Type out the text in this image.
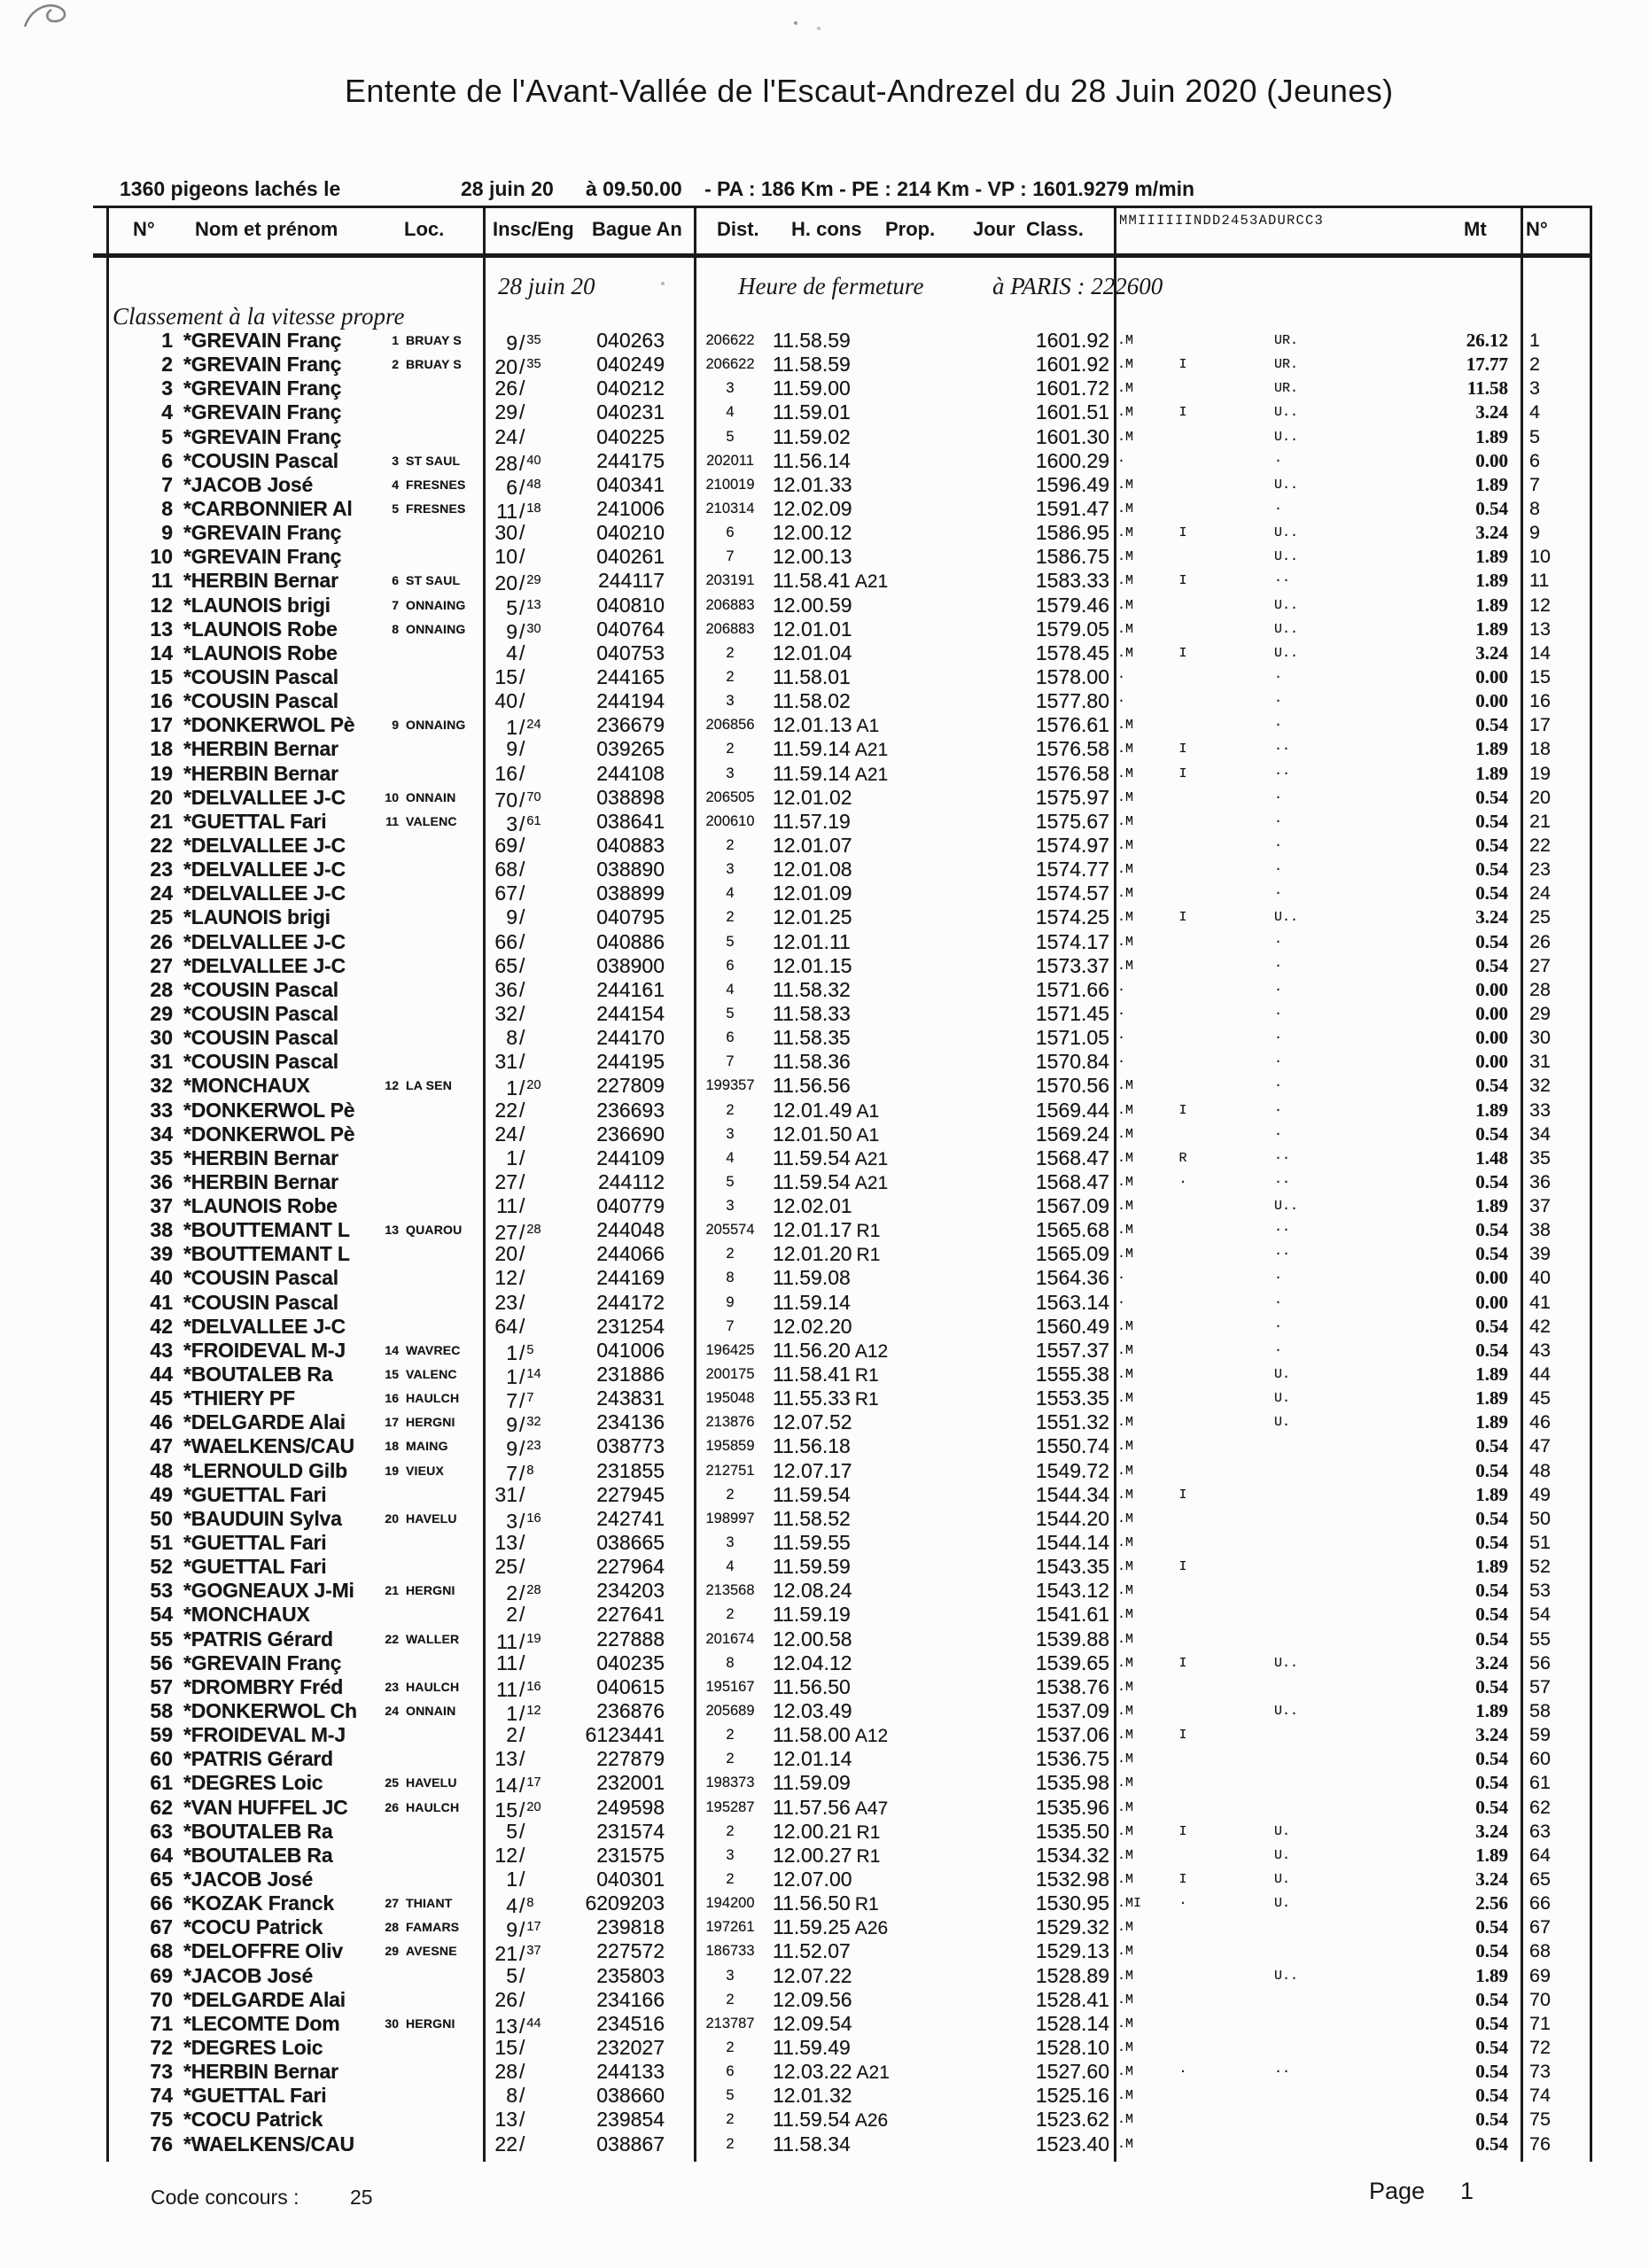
Entente de l'Avant-Vallée de l'Escaut-Andrezel du 28 Juin 2020 (Jeunes)
1360 pigeons lachés le	28 juin 20 à 09.50.00 - PA : 186 Km - PE : 214 Km - VP : 1601.9279 m/min
N° Nom et prénom	Loc. Insc/Eng Bague An Dist. H. cons Prop. Jour Class.	MMIIIIIINDD2453ADURCC3	Mt N°
28 juin 20	Heure de fermeture	à PARIS : 222600
Classement à la vitesse propre
1 *GREVAIN Franç	1 BRUAY S	9/ $^{35}$	040263	206622 11.58.59	1601.92 .M	UR.	26.12 1
2 *GREVAIN Franç	2 BRUAY S	20/ $^{35}$	040249	206622 11.58.59	1601.92 .M	I	UR.	17.77 2
3 *GREVAIN Franç	26/	040212	3	11.59.00	1601.72 .M	UR.	11.58 3
4 *GREVAIN Franç	29/	040231	4	11.59.01	1601.51 .M	I	U..	3.24 4
5 *GREVAIN Franç	24/	040225	5	11.59.02	1601.30 .M	U..	1.89 5
6 *COUSIN Pascal	3 ST SAUL	28/ $^{40}$	244175	202011 11.56.14	1600.29 ·	·	0.00 6
7 *JACOB José	4 FRESNES	6/ $^{48}$	040341	210019 12.01.33	1596.49 .M	U..	1.89 7
8 *CARBONNIER Al	5 FRESNES	11/ $^{18}$	241006	210314 12.02.09	1591.47 .M	·	0.54 8
9 *GREVAIN Franç	30/	040210	6	12.00.12	1586.95 .M	I	U..	3.24 9
10 *GREVAIN Franç	10/	040261	7	12.00.13	1586.75 .M	U..	1.89 10
11 *HERBIN Bernar	6 ST SAUL	20/ $^{29}$	244117	203191 11.58.41 A21	1583.33 .M	I	··	1.89 11
12 *LAUNOIS brigi	7 ONNAING	5/ $^{13}$	040810	206883 12.00.59	1579.46 .M	U..	1.89 12
13 *LAUNOIS Robe	8 ONNAING	9/ $^{30}$	040764	206883 12.01.01	1579.05 .M	U..	1.89 13
14 *LAUNOIS Robe	4/	040753	2	12.01.04	1578.45 .M	I	U..	3.24 14
15 *COUSIN Pascal	15/	244165	2	11.58.01	1578.00 ·	·	0.00 15
16 *COUSIN Pascal	40/	244194	3	11.58.02	1577.80 ·	·	0.00 16
17 *DONKERWOL Pè	9 ONNAING	1/ $^{24}$	236679	206856 12.01.13 A1	1576.61 .M	·	0.54 17
18 *HERBIN Bernar	9/	039265	2	11.59.14 A21	1576.58 .M	I	··	1.89 18
19 *HERBIN Bernar	16/	244108	3	11.59.14 A21	1576.58 .M	I	··	1.89 19
20 *DELVALLEE J-C	10 ONNAIN	70/ $^{70}$	038898	206505 12.01.02	1575.97 .M	·	0.54 20
21 *GUETTAL Fari	11 VALENC	3/ $^{61}$	038641	200610 11.57.19	1575.67 .M	·	0.54 21
22 *DELVALLEE J-C	69/	040883	2	12.01.07	1574.97 .M	·	0.54 22
23 *DELVALLEE J-C	68/	038890	3	12.01.08	1574.77 .M	·	0.54 23
24 *DELVALLEE J-C	67/	038899	4	12.01.09	1574.57 .M	·	0.54 24
25 *LAUNOIS brigi	9/	040795	2	12.01.25	1574.25 .M	I	U..	3.24 25
26 *DELVALLEE J-C	66/	040886	5	12.01.11	1574.17 .M	·	0.54 26
27 *DELVALLEE J-C	65/	038900	6	12.01.15	1573.37 .M	·	0.54 27
28 *COUSIN Pascal	36/	244161	4	11.58.32	1571.66 ·	·	0.00 28
29 *COUSIN Pascal	32/	244154	5	11.58.33	1571.45 ·	·	0.00 29
30 *COUSIN Pascal	8/	244170	6	11.58.35	1571.05 ·	·	0.00 30
31 *COUSIN Pascal	31/	244195	7	11.58.36	1570.84 ·	·	0.00 31
32 *MONCHAUX	12 LA SEN	1/ $^{20}$	227809	199357 11.56.56	1570.56 .M	·	0.54 32
33 *DONKERWOL Pè	22/	236693	2	12.01.49 A1	1569.44 .M	I	·	1.89 33
34 *DONKERWOL Pè	24/	236690	3	12.01.50 A1	1569.24 .M	·	0.54 34
35 *HERBIN Bernar	1/	244109	4	11.59.54 A21	1568.47 .M	R	··	1.48 35
36 *HERBIN Bernar	27/	244112	5	11.59.54 A21	1568.47 .M	·	··	0.54 36
37 *LAUNOIS Robe	11/	040779	3	12.02.01	1567.09 .M	U..	1.89 37
38 *BOUTTEMANT L	13 QUAROU	27/ $^{28}$	244048	205574 12.01.17 R1	1565.68 .M	··	0.54 38
39 *BOUTTEMANT L	20/	244066	2	12.01.20 R1	1565.09 .M	··	0.54 39
40 *COUSIN Pascal	12/	244169	8	11.59.08	1564.36 ·	·	0.00 40
41 *COUSIN Pascal	23/	244172	9	11.59.14	1563.14 ·	·	0.00 41
42 *DELVALLEE J-C	64/	231254	7	12.02.20	1560.49 .M	·	0.54 42
43 *FROIDEVAL M-J	14 WAVREC	1/ $^5$	041006	196425 11.56.20 A12	1557.37 .M	·	0.54 43
44 *BOUTALEB Ra	15 VALENC	1/ $^{14}$	231886	200175 11.58.41 R1	1555.38 .M	U.	1.89 44
45 *THIERY PF	16 HAULCH	7/ $^7$	243831	195048 11.55.33 R1	1553.35 .M	U.	1.89 45
46 *DELGARDE Alai	17 HERGNI	9/ $^{32}$	234136	213876 12.07.52	1551.32 .M	U.	1.89 46
47 *WAELKENS/CAU	18 MAING	9/ $^{23}$	038773	195859 11.56.18	1550.74 .M	0.54 47
48 *LERNOULD Gilb	19 VIEUX	7/ $^8$	231855	212751 12.07.17	1549.72 .M	0.54 48
49 *GUETTAL Fari	31/	227945	2	11.59.54	1544.34 .M	I	1.89 49
50 *BAUDUIN Sylva	20 HAVELU	3/ $^{16}$	242741	198997 11.58.52	1544.20 .M	0.54 50
51 *GUETTAL Fari	13/	038665	3	11.59.55	1544.14 .M	0.54 51
52 *GUETTAL Fari	25/	227964	4	11.59.59	1543.35 .M	I	1.89 52
53 *GOGNEAUX J-Mi	21 HERGNI	2/ $^{28}$	234203	213568 12.08.24	1543.12 .M	0.54 53
54 *MONCHAUX	2/	227641	2	11.59.19	1541.61 .M	0.54 54
55 *PATRIS Gérard	22 WALLER	11/ $^{19}$	227888	201674 12.00.58	1539.88 .M	0.54 55
56 *GREVAIN Franç	11/	040235	8	12.04.12	1539.65 .M	I	U..	3.24 56
57 *DROMBRY Fréd	23 HAULCH	11/ $^{16}$	040615	195167 11.56.50	1538.76 .M	0.54 57
58 *DONKERWOL Ch	24 ONNAIN	1/ $^{12}$	236876	205689 12.03.49	1537.09 .M	U..	1.89 58
59 *FROIDEVAL M-J	2/	6123441	2	11.58.00 A12	1537.06 .M	I	3.24 59
60 *PATRIS Gérard	13/	227879	2	12.01.14	1536.75 .M	0.54 60
61 *DEGRES Loic	25 HAVELU	14/ $^{17}$	232001	198373 11.59.09	1535.98 .M	0.54 61
62 *VAN HUFFEL JC	26 HAULCH	15/ $^{20}$	249598	195287 11.57.56 A47	1535.96 .M	0.54 62
63 *BOUTALEB Ra	5/	231574	2	12.00.21 R1	1535.50 .M	I	U.	3.24 63
64 *BOUTALEB Ra	12/	231575	3	12.00.27 R1	1534.32 .M	U.	1.89 64
65 *JACOB José	1/	040301	2	12.07.00	1532.98 .M	I	U.	3.24 65
66 *KOZAK Franck	27 THIANT	4/ $^8$	6209203	194200 11.56.50 R1	1530.95 .MI	·	U.	2.56 66
67 *COCU Patrick	28 FAMARS	9/ $^{17}$	239818	197261 11.59.25 A26	1529.32 .M	0.54 67
68 *DELOFFRE Oliv	29 AVESNE	21/ $^{37}$	227572	186733 11.52.07	1529.13 .M	0.54 68
69 *JACOB José	5/	235803	3	12.07.22	1528.89 .M	U..	1.89 69
70 *DELGARDE Alai	26/	234166	2	12.09.56	1528.41 .M	0.54 70
71 *LECOMTE Dom	30 HERGNI	13/ $^{44}$	234516	213787 12.09.54	1528.14 .M	0.54 71
72 *DEGRES Loic	15/	232027	2	11.59.49	1528.10 .M	0.54 72
73 *HERBIN Bernar	28/	244133	6	12.03.22 A21	1527.60 .M	·	··	0.54 73
74 *GUETTAL Fari	8/	038660	5	12.01.32	1525.16 .M	0.54 74
75 *COCU Patrick	13/	239854	2	11.59.54 A26	1523.62 .M	0.54 75
76 *WAELKENS/CAU	22/	038867	2	11.58.34	1523.40 .M	0.54 76
Code concours :	25	Page 1
